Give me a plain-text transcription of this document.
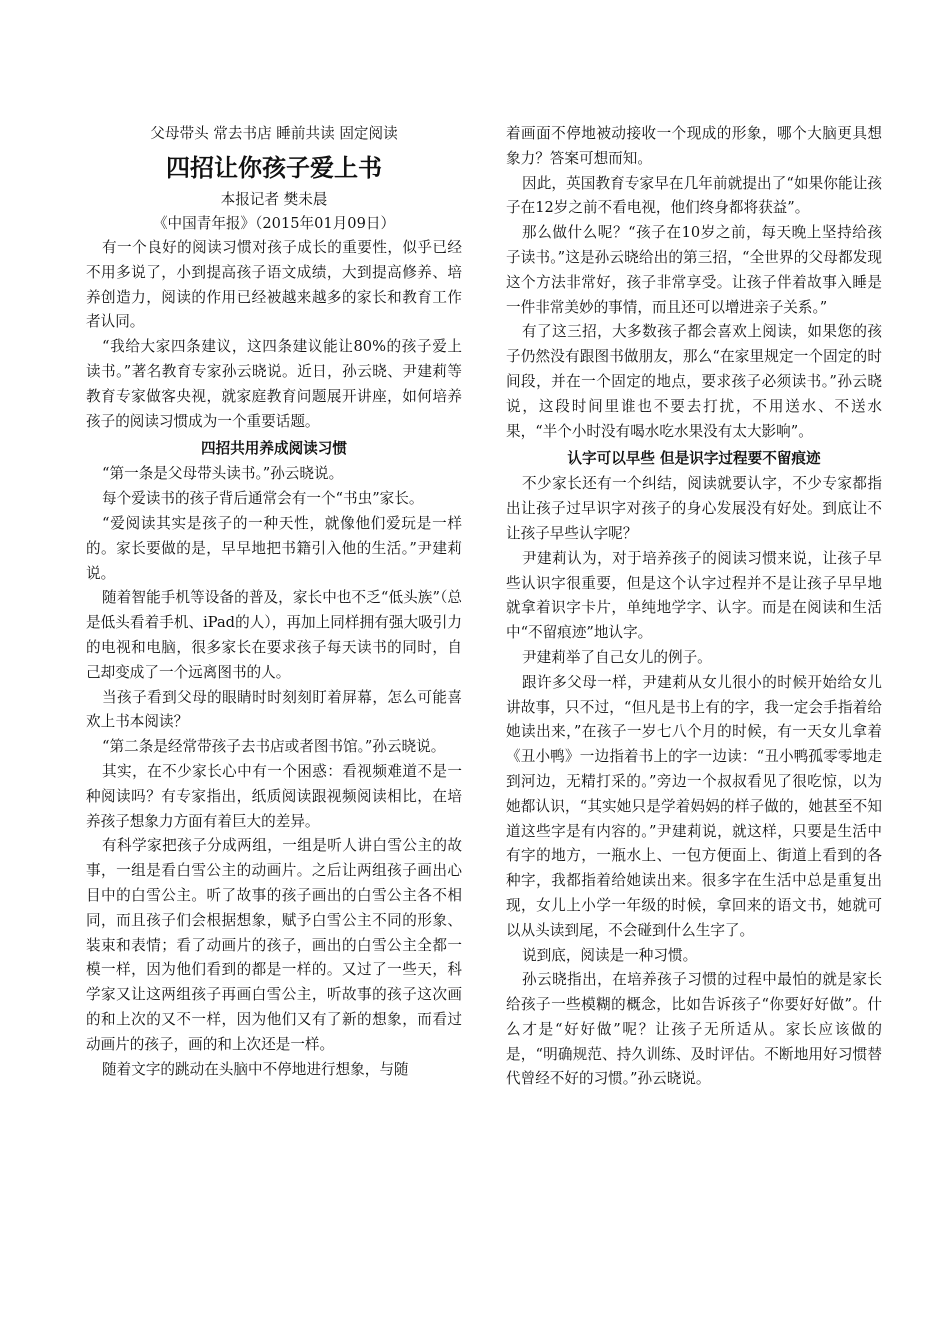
父母带头 常去书店 睡前共读 固定阅读
四招让你孩子爱上书
本报记者 樊未晨
《中国青年报》（2015年01月09日）

有一个良好的阅读习惯对孩子成长的重要性，似乎已经不用多说了，小到提高孩子语文成绩，大到提高修养、培养创造力，阅读的作用已经被越来越多的家长和教育工作者认同。

“我给大家四条建议，这四条建议能让80%的孩子爱上读书。”著名教育专家孙云晓说。近日，孙云晓、尹建莉等教育专家做客央视，就家庭教育问题展开讲座，如何培养孩子的阅读习惯成为一个重要话题。

四招共用养成阅读习惯

“第一条是父母带头读书。”孙云晓说。

每个爱读书的孩子背后通常会有一个“书虫”家长。

“爱阅读其实是孩子的一种天性，就像他们爱玩是一样的。家长要做的是，早早地把书籍引入他的生活。”尹建莉说。

随着智能手机等设备的普及，家长中也不乏“低头族”（总是低头看着手机、iPad的人），再加上同样拥有强大吸引力的电视和电脑，很多家长在要求孩子每天读书的同时，自己却变成了一个远离图书的人。

当孩子看到父母的眼睛时时刻刻盯着屏幕，怎么可能喜欢上书本阅读？

“第二条是经常带孩子去书店或者图书馆。”孙云晓说。

其实，在不少家长心中有一个困惑：看视频难道不是一种阅读吗？有专家指出，纸质阅读跟视频阅读相比，在培养孩子想象力方面有着巨大的差异。

有科学家把孩子分成两组，一组是听人讲白雪公主的故事，一组是看白雪公主的动画片。之后让两组孩子画出心目中的白雪公主。听了故事的孩子画出的白雪公主各不相同，而且孩子们会根据想象，赋予白雪公主不同的形象、装束和表情；看了动画片的孩子，画出的白雪公主全都一模一样，因为他们看到的都是一样的。又过了一些天，科学家又让这两组孩子再画白雪公主，听故事的孩子这次画的和上次的又不一样，因为他们又有了新的想象，而看过动画片的孩子，画的和上次还是一样。

随着文字的跳动在头脑中不停地进行想象，与随

着画面不停地被动接收一个现成的形象，哪个大脑更具想象力？答案可想而知。

因此，英国教育专家早在几年前就提出了“如果你能让孩子在12岁之前不看电视，他们终身都将获益”。

那么做什么呢？“孩子在10岁之前，每天晚上坚持给孩子读书。”这是孙云晓给出的第三招，“全世界的父母都发现这个方法非常好，孩子非常享受。让孩子伴着故事入睡是一件非常美妙的事情，而且还可以增进亲子关系。”

有了这三招，大多数孩子都会喜欢上阅读，如果您的孩子仍然没有跟图书做朋友，那么“在家里规定一个固定的时间段，并在一个固定的地点，要求孩子必须读书。”孙云晓说，这段时间里谁也不要去打扰，不用送水、不送水果，“半个小时没有喝水吃水果没有太大影响”。

认字可以早些 但是识字过程要不留痕迹

不少家长还有一个纠结，阅读就要认字，不少专家都指出让孩子过早识字对孩子的身心发展没有好处。到底让不让孩子早些认字呢？

尹建莉认为，对于培养孩子的阅读习惯来说，让孩子早些认识字很重要，但是这个认字过程并不是让孩子早早地就拿着识字卡片，单纯地学字、认字。而是在阅读和生活中“不留痕迹”地认字。

尹建莉举了自己女儿的例子。

跟许多父母一样，尹建莉从女儿很小的时候开始给女儿讲故事，只不过，“但凡是书上有的字，我一定会手指着给她读出来，”在孩子一岁七八个月的时候，有一天女儿拿着《丑小鸭》一边指着书上的字一边读：“丑小鸭孤零零地走到河边，无精打采的。”旁边一个叔叔看见了很吃惊，以为她都认识，“其实她只是学着妈妈的样子做的，她甚至不知道这些字是有内容的。”尹建莉说，就这样，只要是生活中有字的地方，一瓶水上、一包方便面上、街道上看到的各种字，我都指着给她读出来。很多字在生活中总是重复出现，女儿上小学一年级的时候，拿回来的语文书，她就可以从头读到尾，不会碰到什么生字了。

说到底，阅读是一种习惯。

孙云晓指出，在培养孩子习惯的过程中最怕的就是家长给孩子一些模糊的概念，比如告诉孩子“你要好好做”。什么才是“好好做”呢？让孩子无所适从。家长应该做的是，“明确规范、持久训练、及时评估。不断地用好习惯替代曾经不好的习惯。”孙云晓说。
